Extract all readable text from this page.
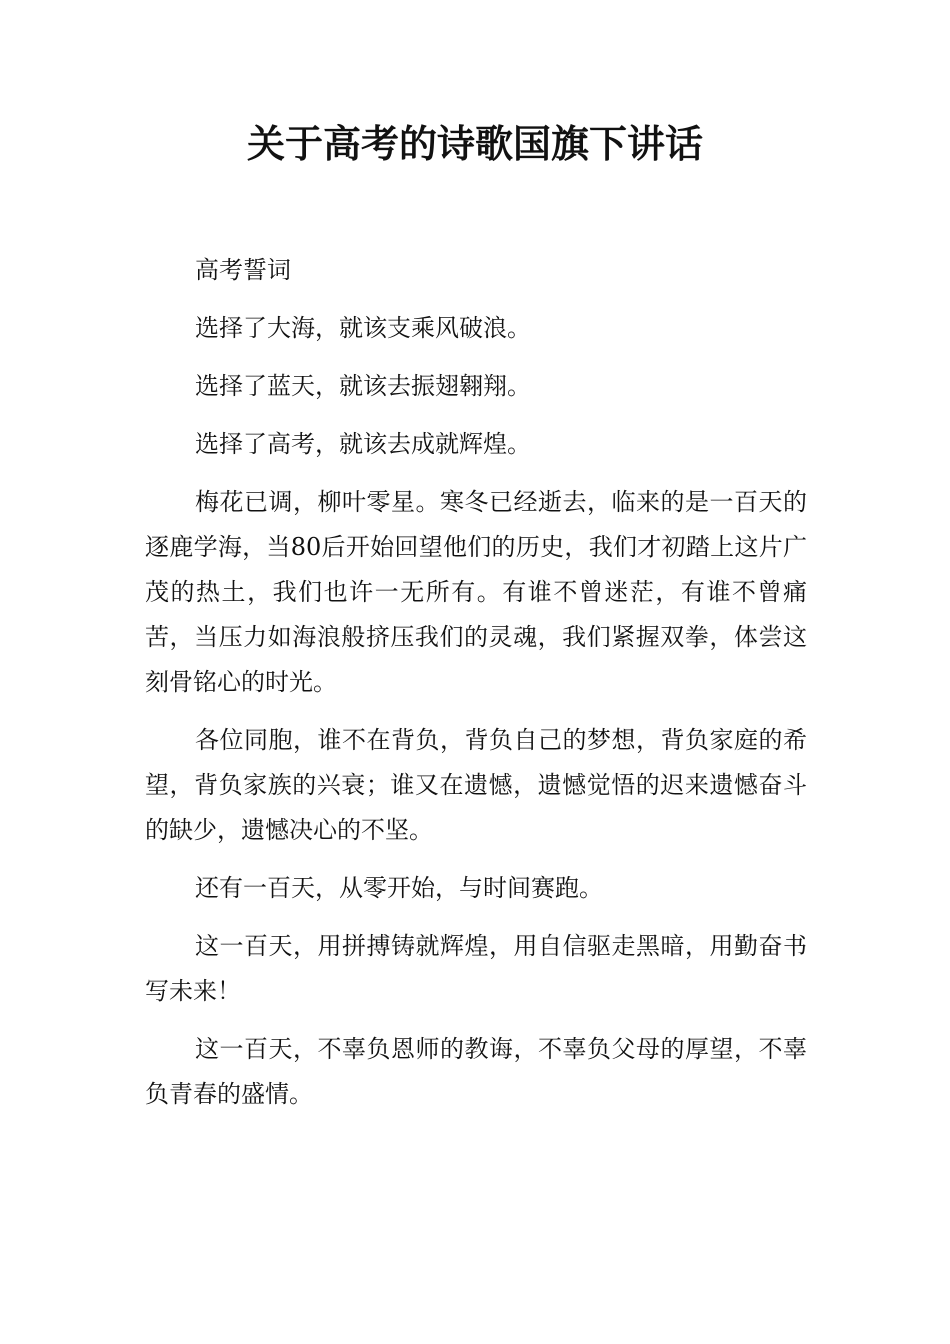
关于高考的诗歌国旗下讲话

高考誓词

选择了大海，就该支乘风破浪。

选择了蓝天，就该去振翅翱翔。

选择了高考，就该去成就辉煌。

梅花已调，柳叶零星。寒冬已经逝去，临来的是一百天的逐鹿学海，当80后开始回望他们的历史，我们才初踏上这片广茂的热土，我们也许一无所有。有谁不曾迷茫，有谁不曾痛苦，当压力如海浪般挤压我们的灵魂，我们紧握双拳，体尝这刻骨铭心的时光。

各位同胞，谁不在背负，背负自己的梦想，背负家庭的希望，背负家族的兴衰；谁又在遗憾，遗憾觉悟的迟来遗憾奋斗的缺少，遗憾决心的不坚。

还有一百天，从零开始，与时间赛跑。

这一百天，用拼搏铸就辉煌，用自信驱走黑暗，用勤奋书写未来！

这一百天，不辜负恩师的教诲，不辜负父母的厚望，不辜负青春的盛情。
